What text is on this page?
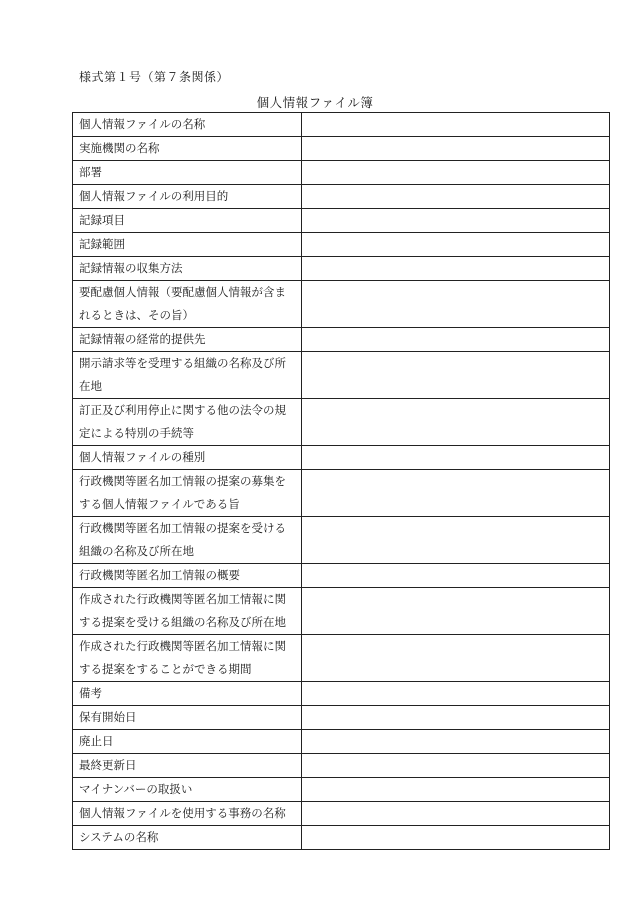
様式第１号（第７条関係）
個人情報ファイル簿
個人情報ファイルの名称	
実施機関の名称	
部署	
個人情報ファイルの利用目的	
記録項目	
記録範囲	
記録情報の収集方法	
要配慮個人情報（要配慮個人情報が含まれるときは、その旨）	
記録情報の経常的提供先	
開示請求等を受理する組織の名称及び所在地	
訂正及び利用停止に関する他の法令の規定による特別の手続等	
個人情報ファイルの種別	
行政機関等匿名加工情報の提案の募集をする個人情報ファイルである旨	
行政機関等匿名加工情報の提案を受ける組織の名称及び所在地	
行政機関等匿名加工情報の概要	
作成された行政機関等匿名加工情報に関する提案を受ける組織の名称及び所在地	
作成された行政機関等匿名加工情報に関する提案をすることができる期間	
備考	
保有開始日	
廃止日	
最終更新日	
マイナンバーの取扱い	
個人情報ファイルを使用する事務の名称	
システムの名称	
